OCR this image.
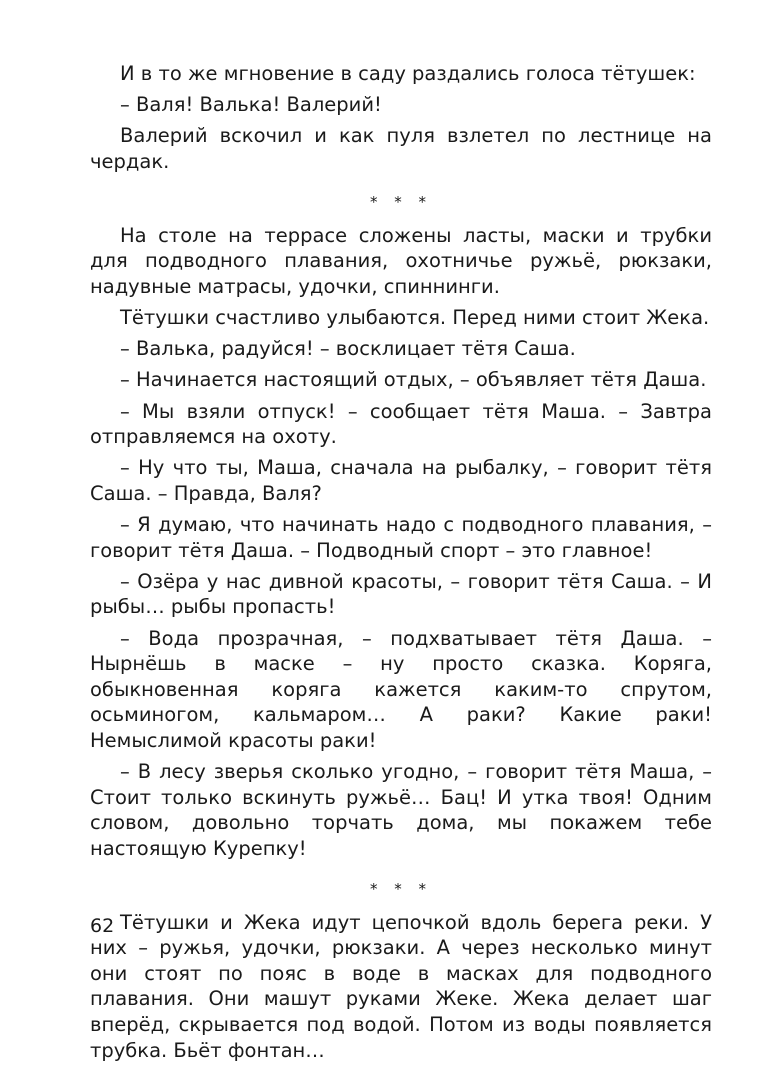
И в то же мгновение в саду раздались голоса тётушек:

– Валя! Валька! Валерий!

Валерий вскочил и как пуля взлетел по лестнице на чердак.

* * *

На столе на террасе сложены ласты, маски и трубки для подводного плавания, охотничье ружьё, рюкзаки, надувные матрасы, удочки, спиннинги.

Тётушки счастливо улыбаются. Перед ними стоит Жека.

– Валька, радуйся! – восклицает тётя Саша.

– Начинается настоящий отдых, – объявляет тётя Даша.

– Мы взяли отпуск! – сообщает тётя Маша. – Завтра отправляемся на охоту.

– Ну что ты, Маша, сначала на рыбалку, – говорит тётя Саша. – Правда, Валя?

– Я думаю, что начинать надо с подводного плавания, – говорит тётя Даша. – Подводный спорт – это главное!

– Озёра у нас дивной красоты, – говорит тётя Саша. – И рыбы… рыбы пропасть!

– Вода прозрачная, – подхватывает тётя Даша. – Нырнёшь в маске – ну просто сказка. Коряга, обыкновенная коряга кажется каким-то спрутом, осьминогом, кальмаром… А раки? Какие раки! Немыслимой красоты раки!

– В лесу зверья сколько угодно, – говорит тётя Маша, – Стоит только вскинуть ружьё… Бац! И утка твоя! Одним словом, довольно торчать дома, мы покажем тебе настоящую Курепку!

* * *

Тётушки и Жека идут цепочкой вдоль берега реки. У них – ружья, удочки, рюкзаки. А через несколько минут они стоят по пояс в воде в масках для подводного плавания. Они машут руками Жеке. Жека делает шаг вперёд, скрывается под водой. Потом из воды появляется трубка. Бьёт фонтан…

62
